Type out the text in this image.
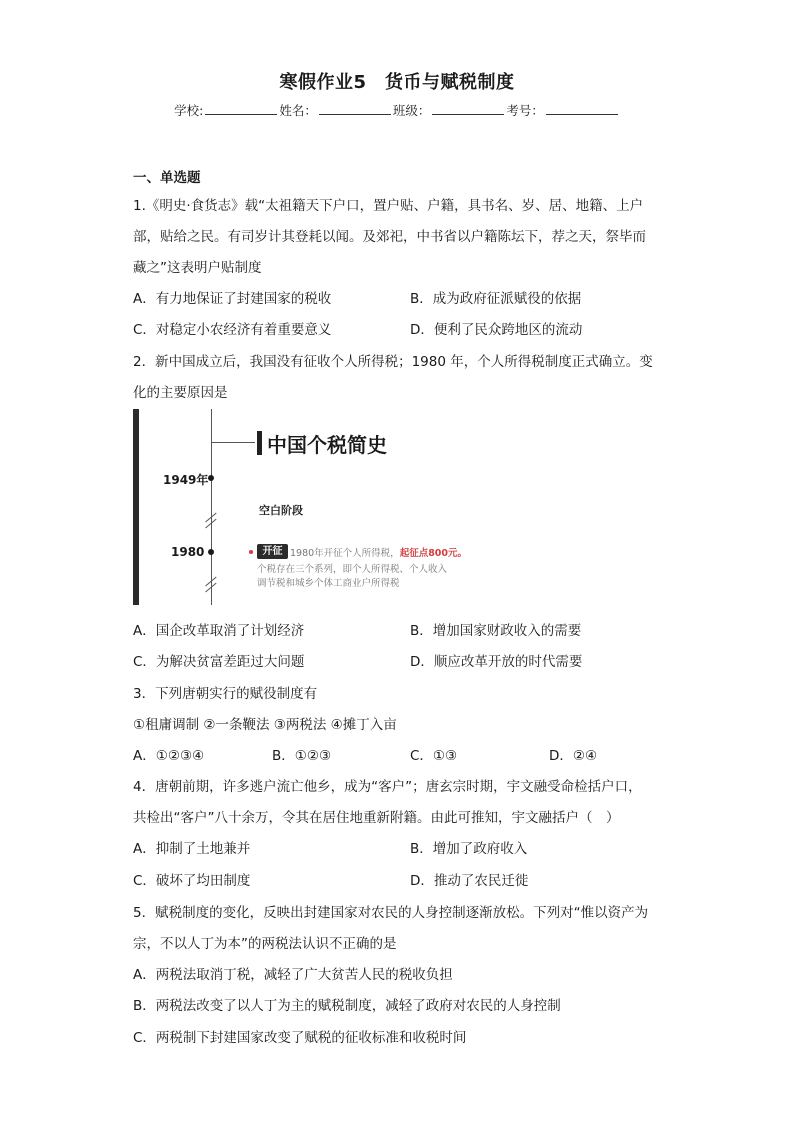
寒假作业5　货币与赋税制度
学校:	姓名：	班级：	考号：
一、单选题
1.《明史·食货志》载“太祖籍天下户口，置户贴、户籍，具书名、岁、居、地籍、上户
部，贴给之民。有司岁计其登耗以闻。及郊祀，中书省以户籍陈坛下，荐之天，祭毕而
藏之”这表明户贴制度
A．有力地保证了封建国家的税收	B．成为政府征派赋役的依据
C．对稳定小农经济有着重要意义	D．便利了民众跨地区的流动
2．新中国成立后，我国没有征收个人所得税；1980 年，个人所得税制度正式确立。变
化的主要原因是
中国个税简史
1949年
空白阶段
1980	开征 1980年开征个人所得税，起征点800元。
个税存在三个系列，即个人所得税、个人收入
调节税和城乡个体工商业户所得税
A．国企改革取消了计划经济	B．增加国家财政收入的需要
C．为解决贫富差距过大问题	D．顺应改革开放的时代需要
3．下列唐朝实行的赋役制度有
①租庸调制 ②一条鞭法 ③两税法 ④摊丁入亩
A．①②③④	B．①②③	C．①③	D．②④
4．唐朝前期，许多逃户流亡他乡，成为“客户”；唐玄宗时期，宇文融受命检括户口，
共检出“客户”八十余万，令其在居住地重新附籍。由此可推知，宇文融括户（　）
A．抑制了土地兼并	B．增加了政府收入
C．破坏了均田制度	D．推动了农民迁徙
5．赋税制度的变化，反映出封建国家对农民的人身控制逐渐放松。下列对“惟以资产为
宗，不以人丁为本”的两税法认识不正确的是
A．两税法取消丁税，减轻了广大贫苦人民的税收负担
B．两税法改变了以人丁为主的赋税制度，减轻了政府对农民的人身控制
C．两税制下封建国家改变了赋税的征收标准和收税时间
